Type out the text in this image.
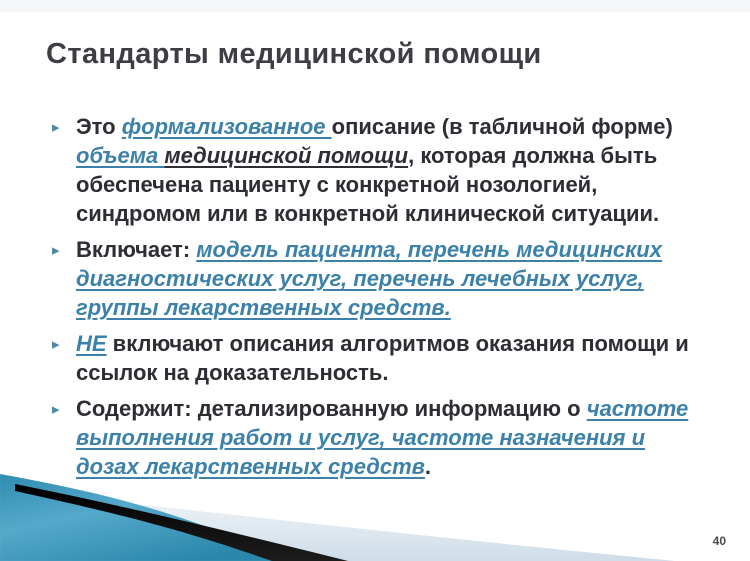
Стандарты медицинской помощи
▸ Это формализованное описание (в табличной форме) объема медицинской помощи, которая должна быть обеспечена пациенту с конкретной нозологией, синдромом или в конкретной клинической ситуации.
▸ Включает: модель пациента, перечень медицинских диагностических услуг, перечень лечебных услуг, группы лекарственных средств.
▸ НЕ включают описания алгоритмов оказания помощи и ссылок на доказательность.
▸ Содержит: детализированную информацию о частоте выполнения работ и услуг, частоте назначения и дозах лекарственных средств.
40
